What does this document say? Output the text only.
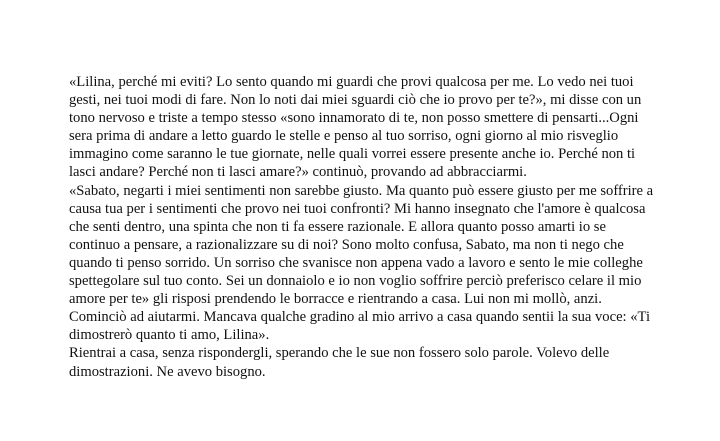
«Lilina, perché mi eviti? Lo sento quando mi guardi che provi qualcosa per me. Lo vedo nei tuoi
gesti, nei tuoi modi di fare. Non lo noti dai miei sguardi ciò che io provo per te?», mi disse con un
tono nervoso e triste a tempo stesso «sono innamorato di te, non posso smettere di pensarti...Ogni
sera prima di andare a letto guardo le stelle e penso al tuo sorriso, ogni giorno al mio risveglio
immagino come saranno le tue giornate, nelle quali vorrei essere presente anche io. Perché non ti
lasci andare? Perché non ti lasci amare?» continuò, provando ad abbracciarmi.

«Sabato, negarti i miei sentimenti non sarebbe giusto. Ma quanto può essere giusto per me soffrire a
causa tua per i sentimenti che provo nei tuoi confronti? Mi hanno insegnato che l'amore è qualcosa
che senti dentro, una spinta che non ti fa essere razionale. E allora quanto posso amarti io se
continuo a pensare, a razionalizzare su di noi? Sono molto confusa, Sabato, ma non ti nego che
quando ti penso sorrido. Un sorriso che svanisce non appena vado a lavoro e sento le mie colleghe
spettegolare sul tuo conto. Sei un donnaiolo e io non voglio soffrire perciò preferisco celare il mio
amore per te» gli risposi prendendo le borracce e rientrando a casa. Lui non mi mollò, anzi.
Cominciò ad aiutarmi. Mancava qualche gradino al mio arrivo a casa quando sentii la sua voce: «Ti
dimostrerò quanto ti amo, Lilina».

Rientrai a casa, senza rispondergli, sperando che le sue non fossero solo parole. Volevo delle
dimostrazioni. Ne avevo bisogno.
